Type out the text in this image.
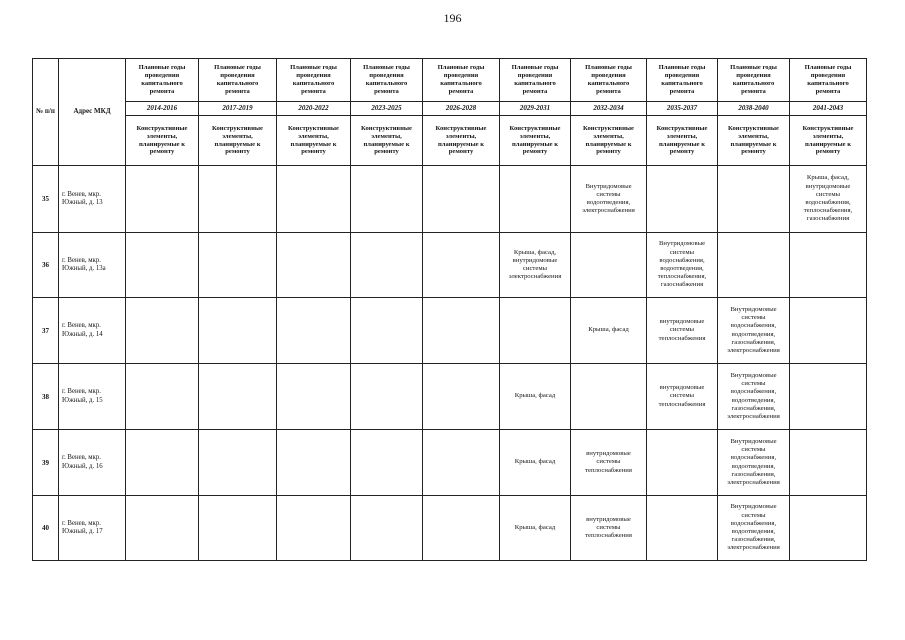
196
№ п/п	Адрес МКД	Плановые годы проведения капитального ремонта	Плановые годы проведения капитального ремонта	Плановые годы проведения капитального ремонта	Плановые годы проведения капитального ремонта	Плановые годы проведения капитального ремонта	Плановые годы проведения капитального ремонта	Плановые годы проведения капитального ремонта	Плановые годы проведения капитального ремонта	Плановые годы проведения капитального ремонта	Плановые годы проведения капитального ремонта
		2014-2016	2017-2019	2020-2022	2023-2025	2026-2028	2029-2031	2032-2034	2035-2037	2038-2040	2041-2043
		Конструктивные элементы, планируемые к ремонту	Конструктивные элементы, планируемые к ремонту	Конструктивные элементы, планируемые к ремонту	Конструктивные элементы, планируемые к ремонту	Конструктивные элементы, планируемые к ремонту	Конструктивные элементы, планируемые к ремонту	Конструктивные элементы, планируемые к ремонту	Конструктивные элементы, планируемые к ремонту	Конструктивные элементы, планируемые к ремонту	Конструктивные элементы, планируемые к ремонту
35	г. Венев, мкр. Южный, д. 13							Внутридомовые системы водоотведения, электроснабжения			Крыша, фасад, внутридомовые системы водоснабжения, теплоснабжения, газоснабжения
36	г. Венев, мкр. Южный, д. 13а						Крыша, фасад, внутридомовые системы электроснабжения		Внутридомовые системы водоснабжения, водоотведения, теплоснабжения, газоснабжения		
37	г. Венев, мкр. Южный, д. 14							Крыша, фасад	внутридомовые системы теплоснабжения	Внутридомовые системы водоснабжения, водоотведения, газоснабжения, электроснабжения	
38	г. Венев, мкр. Южный, д. 15						Крыша, фасад		внутридомовые системы теплоснабжения	Внутридомовые системы водоснабжения, водоотведения, газоснабжения, электроснабжения	
39	г. Венев, мкр. Южный, д. 16						Крыша, фасад	внутридомовые системы теплоснабжения		Внутридомовые системы водоснабжения, водоотведения, газоснабжения, электроснабжения	
40	г. Венев, мкр. Южный, д. 17						Крыша, фасад	внутридомовые системы теплоснабжения		Внутридомовые системы водоснабжения, водоотведения, газоснабжения, электроснабжения	
